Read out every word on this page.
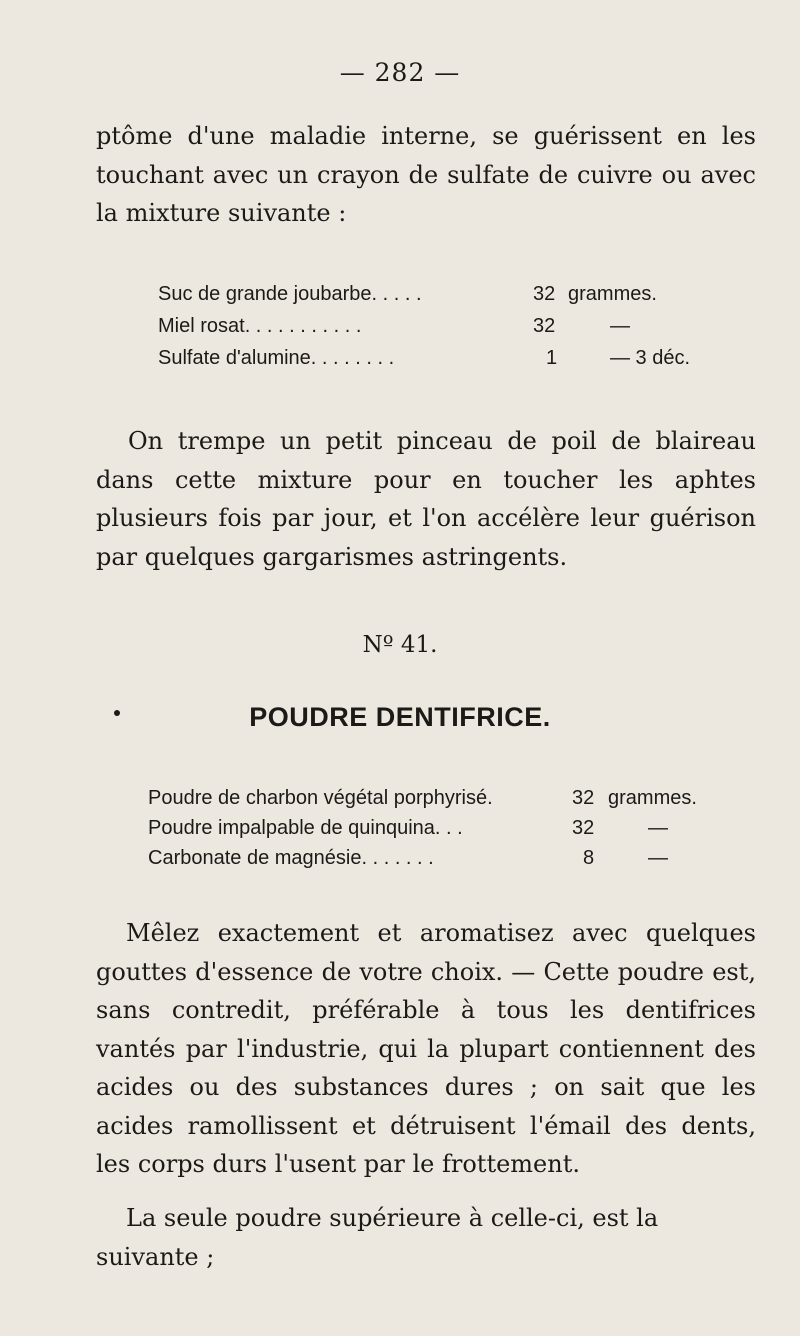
— 282 —

ptôme d'une maladie interne, se guérissent en les touchant avec un crayon de sulfate de cuivre ou avec la mixture suivante :

Suc de grande joubarbe. . . . .	32 grammes.
Miel rosat. . . . . . . . . . .	32	—
Sulfate d'alumine. . . . . . . .	1	— 3 déc.

On trempe un petit pinceau de poil de blaireau dans cette mixture pour en toucher les aphtes plusieurs fois par jour, et l'on accélère leur guérison par quelques gargarismes astringents.

Nº 41.
POUDRE DENTIFRICE.
Poudre de charbon végétal porphyrisé.	32 grammes.
Poudre impalpable de quinquina. . .	32	—
Carbonate de magnésie. . . . . . .	8	—

Mêlez exactement et aromatisez avec quelques gouttes d'essence de votre choix. — Cette poudre est, sans contredit, préférable à tous les dentifrices vantés par l'industrie, qui la plupart contiennent des acides ou des substances dures ; on sait que les acides ramollissent et détruisent l'émail des dents, les corps durs l'usent par le frottement.

La seule poudre supérieure à celle-ci, est la suivante ;
